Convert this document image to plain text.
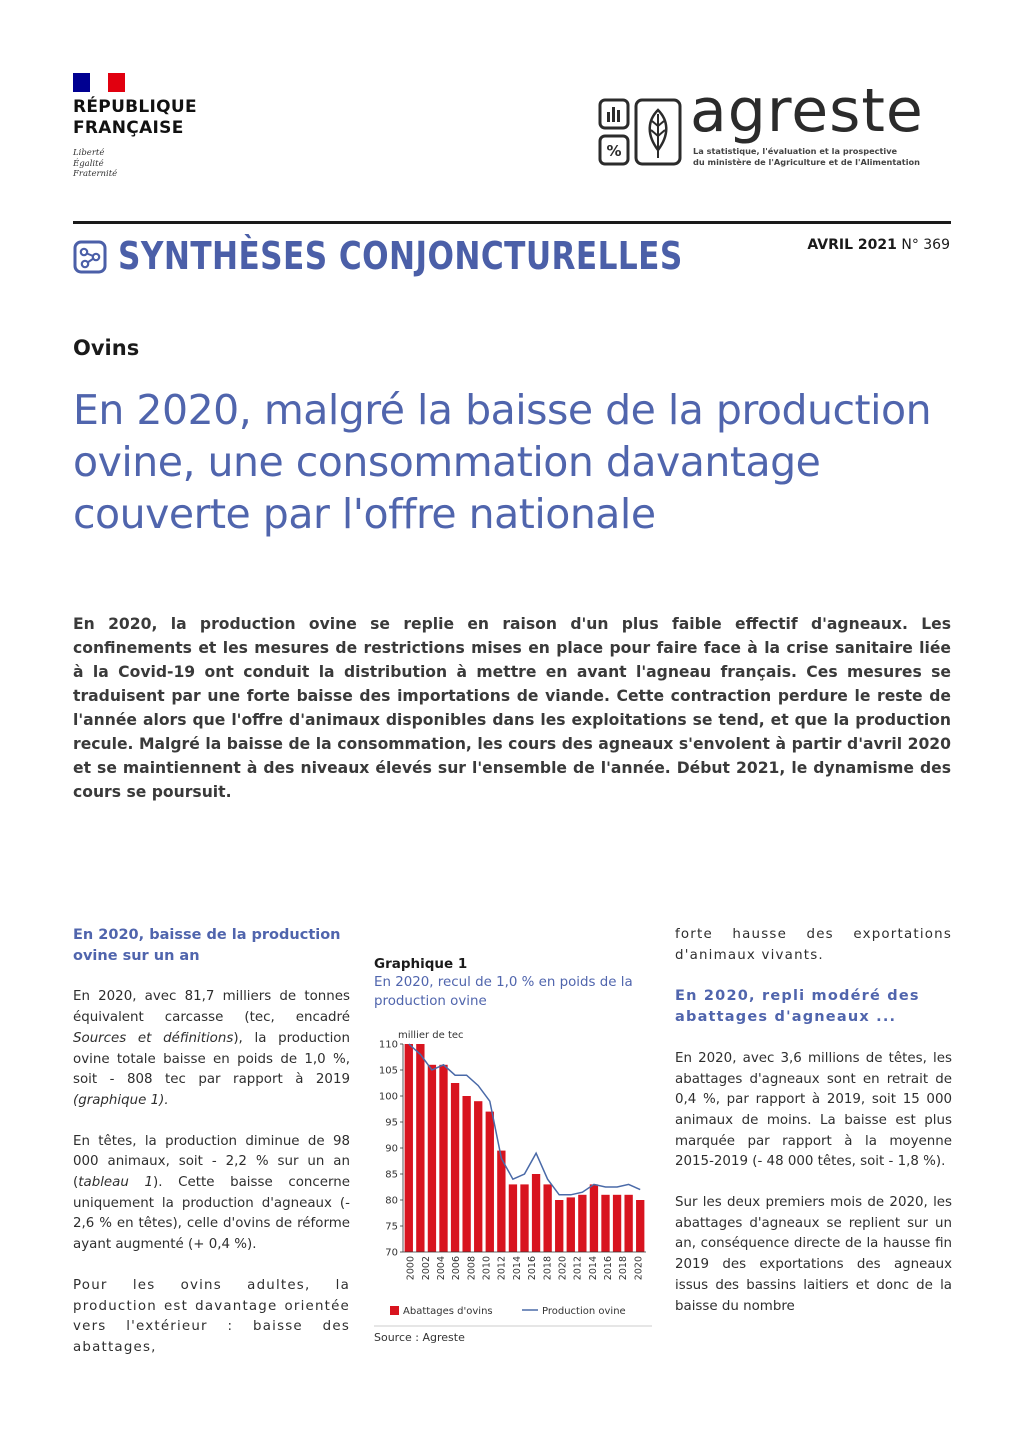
RÉPUBLIQUE
FRANÇAISE
Liberté
Égalité
Fraternité
%
agreste
La statistique, l'évaluation et la prospective
du ministère de l'Agriculture et de l'Alimentation
SYNTHÈSES CONJONCTURELLES	AVRIL 2021 N° 369
Ovins
En 2020, malgré la baisse de la production ovine, une consommation davantage couverte par l'offre nationale

En 2020, la production ovine se replie en raison d'un plus faible effectif d'agneaux. Les confinements et les mesures de restrictions mises en place pour faire face à la crise sanitaire liée à la Covid-19 ont conduit la distribution à mettre en avant l'agneau français. Ces mesures se traduisent par une forte baisse des importations de viande. Cette contraction perdure le reste de l'année alors que l'offre d'animaux disponibles dans les exploitations se tend, et que la production recule. Malgré la baisse de la consommation, les cours des agneaux s'envolent à partir d'avril 2020 et se maintiennent à des niveaux élevés sur l'ensemble de l'année. Début 2021, le dynamisme des cours se poursuit.

En 2020, baisse de la production ovine sur un an

En 2020, avec 81,7 milliers de tonnes équivalent carcasse (tec, encadré Sources et définitions), la production ovine totale baisse en poids de 1,0 %, soit - 808 tec par rapport à 2019 (graphique 1).

En têtes, la production diminue de 98 000 animaux, soit - 2,2 % sur un an (tableau 1). Cette baisse concerne uniquement la production d'agneaux (- 2,6 % en têtes), celle d'ovins de réforme ayant augmenté (+ 0,4 %).

Pour les ovins adultes, la production est davantage orientée vers l'extérieur : baisse des abattages,

Graphique 1
En 2020, recul de 1,0 % en poids de la production ovine
millier de tec
70
75
80
85
90
95
100
105
110
2000 2002 2004 2006 2008 2010 2012 2014 2016 2018 2020 2012 2014 2016 2018 2020
Abattages d'ovins	Production ovine
Source : Agreste

forte hausse des exportations d'animaux vivants.

En 2020, repli modéré des abattages d'agneaux ...

En 2020, avec 3,6 millions de têtes, les abattages d'agneaux sont en retrait de 0,4 %, par rapport à 2019, soit 15 000 animaux de moins. La baisse est plus marquée par rapport à la moyenne 2015-2019 (- 48 000 têtes, soit - 1,8 %).

Sur les deux premiers mois de 2020, les abattages d'agneaux se replient sur un an, conséquence directe de la hausse fin 2019 des exportations des agneaux issus des bassins laitiers et donc de la baisse du nombre
